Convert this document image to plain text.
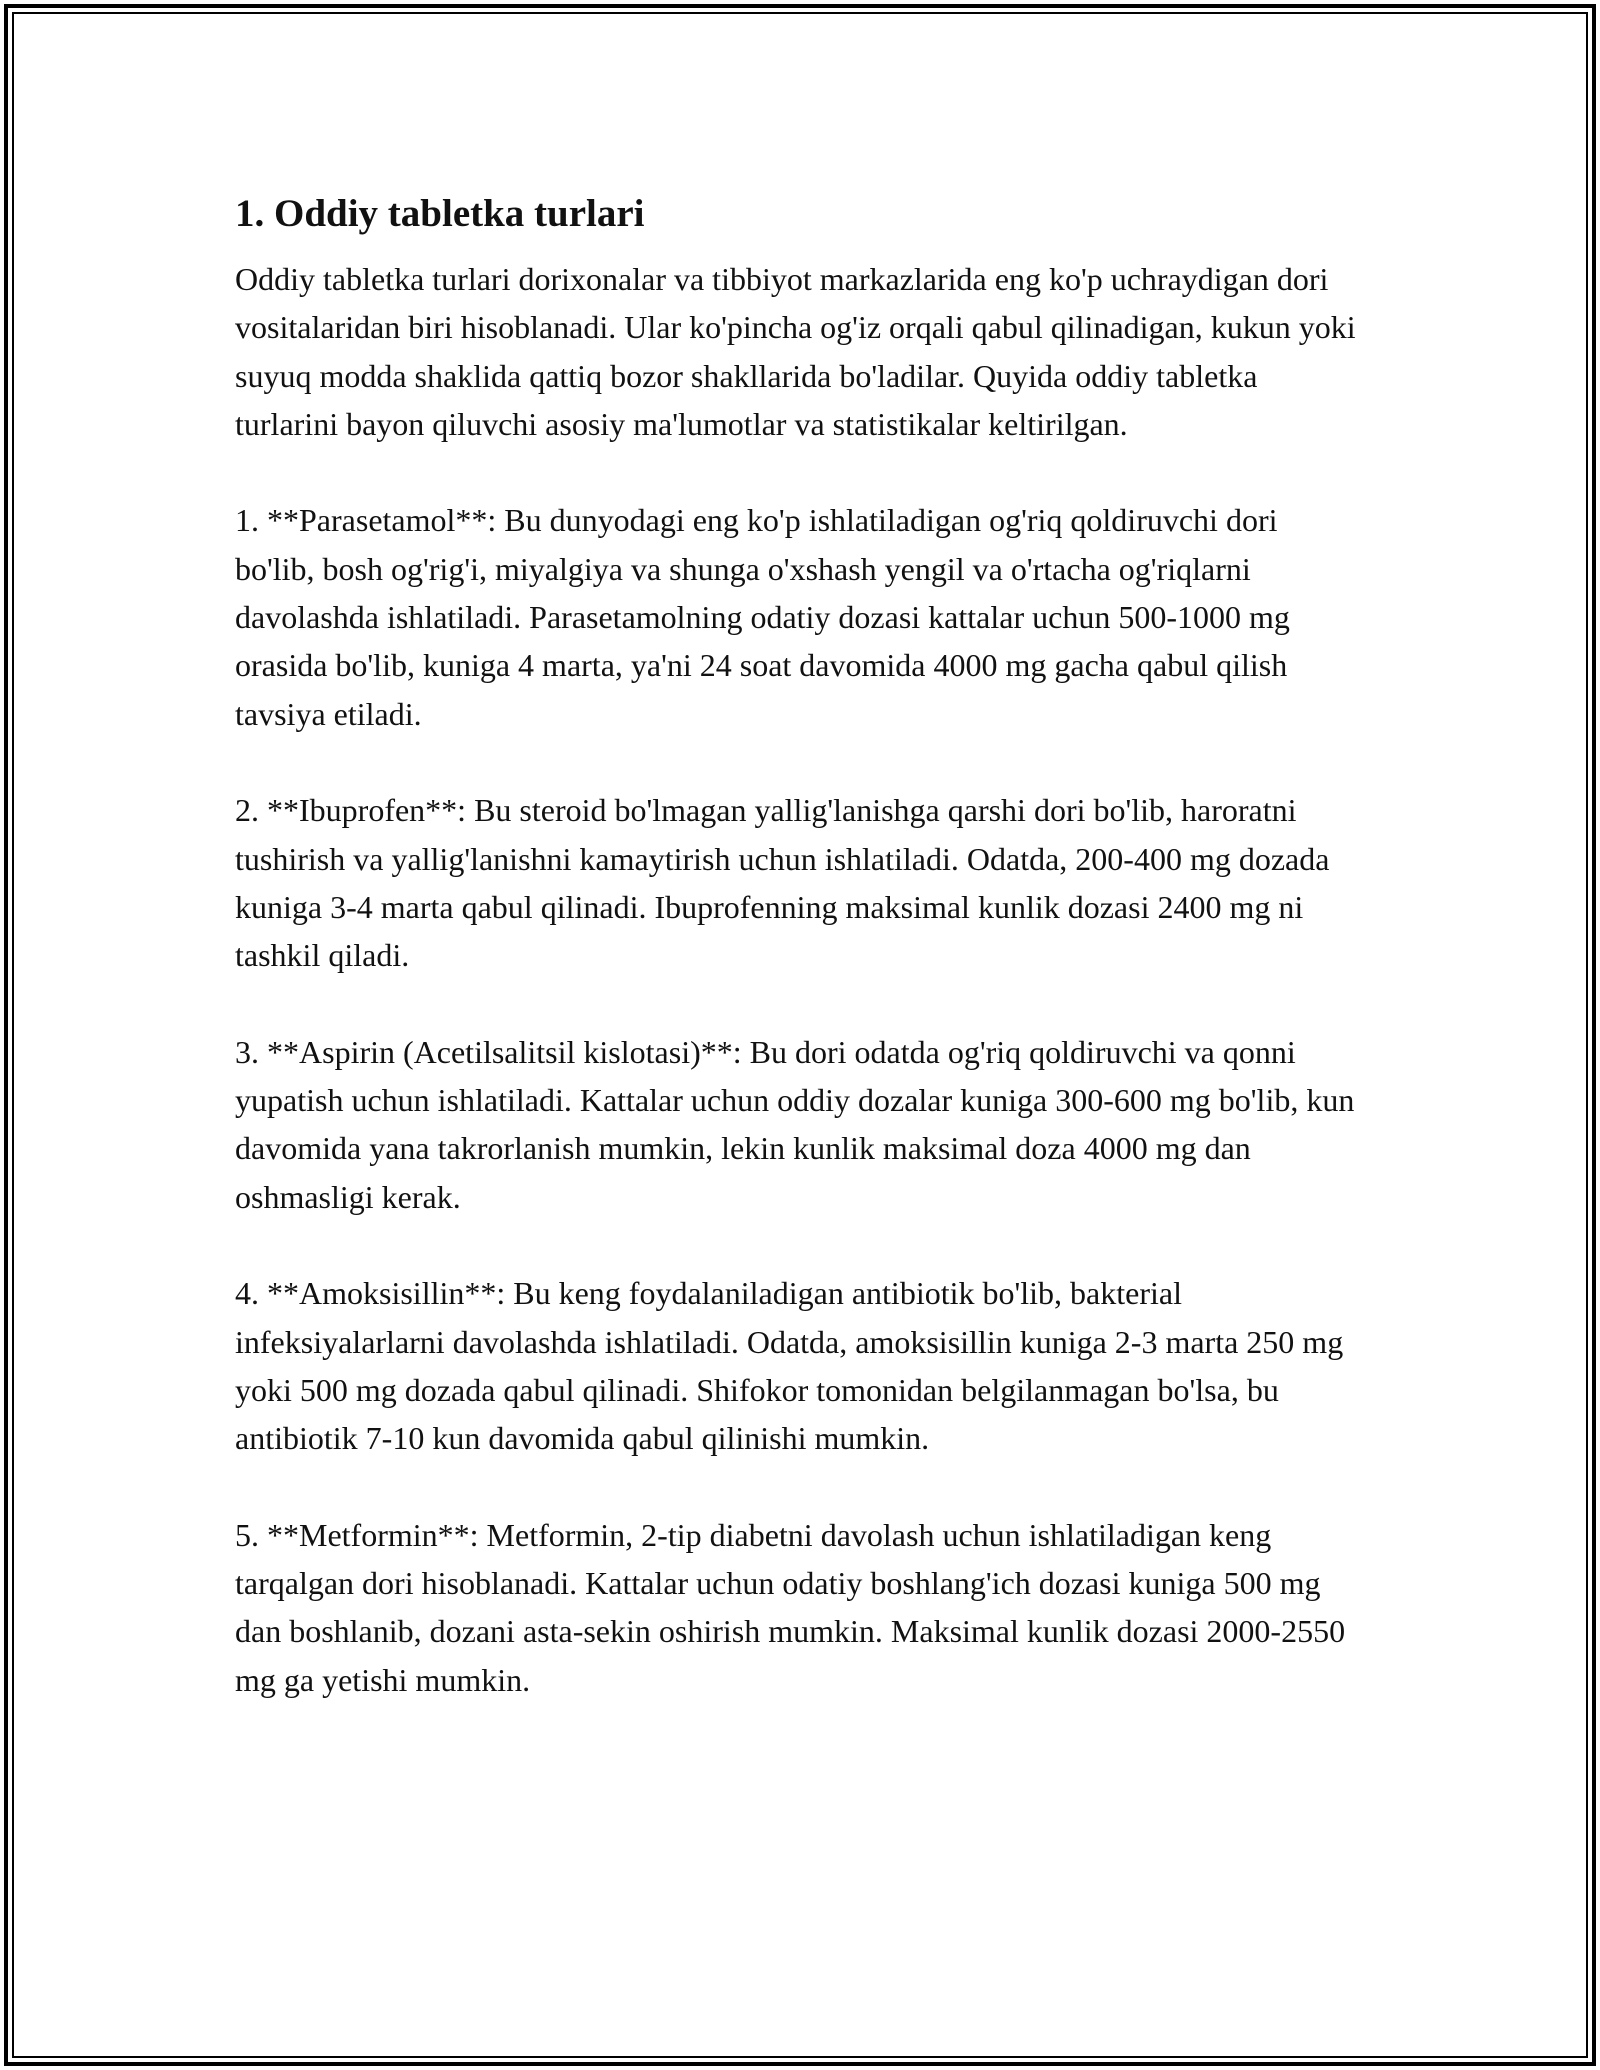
1. Oddiy tabletka turlari

Oddiy tabletka turlari dorixonalar va tibbiyot markazlarida eng ko'p uchraydigan dori vositalaridan biri hisoblanadi. Ular ko'pincha og'iz orqali qabul qilinadigan, kukun yoki suyuq modda shaklida qattiq bozor shakllarida bo'ladilar. Quyida oddiy tabletka turlarini bayon qiluvchi asosiy ma'lumotlar va statistikalar keltirilgan.

1. **Parasetamol**: Bu dunyodagi eng ko'p ishlatiladigan og'riq qoldiruvchi dori bo'lib, bosh og'rig'i, miyalgiya va shunga o'xshash yengil va o'rtacha og'riqlarni davolashda ishlatiladi. Parasetamolning odatiy dozasi kattalar uchun 500-1000 mg orasida bo'lib, kuniga 4 marta, ya'ni 24 soat davomida 4000 mg gacha qabul qilish tavsiya etiladi.

2. **Ibuprofen**: Bu steroid bo'lmagan yallig'lanishga qarshi dori bo'lib, haroratni tushirish va yallig'lanishni kamaytirish uchun ishlatiladi. Odatda, 200-400 mg dozada kuniga 3-4 marta qabul qilinadi. Ibuprofenning maksimal kunlik dozasi 2400 mg ni tashkil qiladi.

3. **Aspirin (Acetilsalitsil kislotasi)**: Bu dori odatda og'riq qoldiruvchi va qonni yupatish uchun ishlatiladi. Kattalar uchun oddiy dozalar kuniga 300-600 mg bo'lib, kun davomida yana takrorlanish mumkin, lekin kunlik maksimal doza 4000 mg dan oshmasligi kerak.

4. **Amoksisillin**: Bu keng foydalaniladigan antibiotik bo'lib, bakterial infeksiyalarlarni davolashda ishlatiladi. Odatda, amoksisillin kuniga 2-3 marta 250 mg yoki 500 mg dozada qabul qilinadi. Shifokor tomonidan belgilanmagan bo'lsa, bu antibiotik 7-10 kun davomida qabul qilinishi mumkin.

5. **Metformin**: Metformin, 2-tip diabetni davolash uchun ishlatiladigan keng tarqalgan dori hisoblanadi. Kattalar uchun odatiy boshlang'ich dozasi kuniga 500 mg dan boshlanib, dozani asta-sekin oshirish mumkin. Maksimal kunlik dozasi 2000-2550 mg ga yetishi mumkin.
